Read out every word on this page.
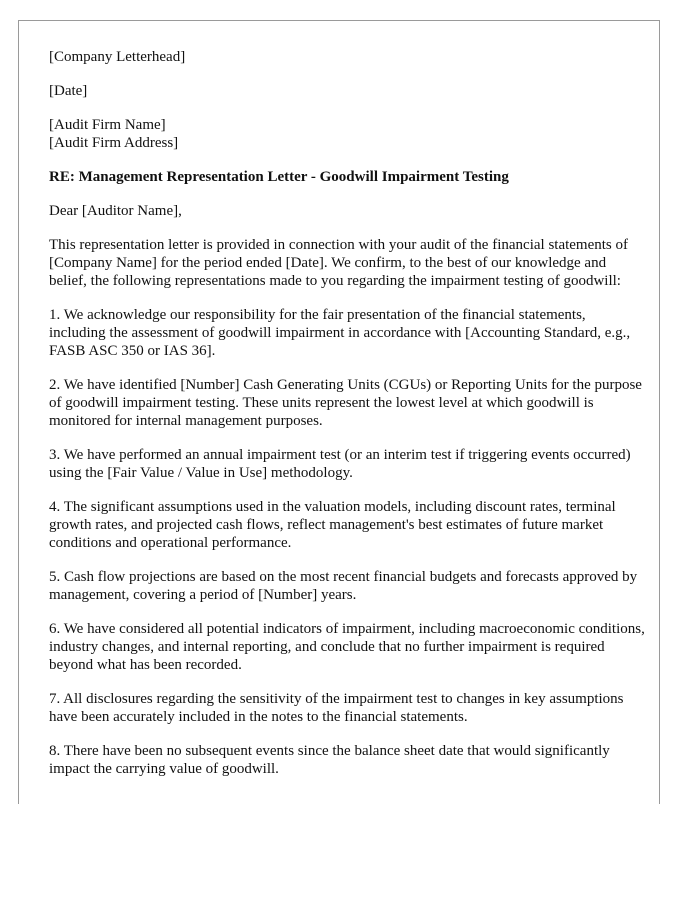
[Company Letterhead]

[Date]

[Audit Firm Name]
[Audit Firm Address]

RE: Management Representation Letter - Goodwill Impairment Testing

Dear [Auditor Name],

This representation letter is provided in connection with your audit of the financial statements of [Company Name] for the period ended [Date]. We confirm, to the best of our knowledge and belief, the following representations made to you regarding the impairment testing of goodwill:

1. We acknowledge our responsibility for the fair presentation of the financial statements, including the assessment of goodwill impairment in accordance with [Accounting Standard, e.g., FASB ASC 350 or IAS 36].

2. We have identified [Number] Cash Generating Units (CGUs) or Reporting Units for the purpose of goodwill impairment testing. These units represent the lowest level at which goodwill is monitored for internal management purposes.

3. We have performed an annual impairment test (or an interim test if triggering events occurred) using the [Fair Value / Value in Use] methodology.

4. The significant assumptions used in the valuation models, including discount rates, terminal growth rates, and projected cash flows, reflect management's best estimates of future market conditions and operational performance.

5. Cash flow projections are based on the most recent financial budgets and forecasts approved by management, covering a period of [Number] years.

6. We have considered all potential indicators of impairment, including macroeconomic conditions, industry changes, and internal reporting, and conclude that no further impairment is required beyond what has been recorded.

7. All disclosures regarding the sensitivity of the impairment test to changes in key assumptions have been accurately included in the notes to the financial statements.

8. There have been no subsequent events since the balance sheet date that would significantly impact the carrying value of goodwill.
